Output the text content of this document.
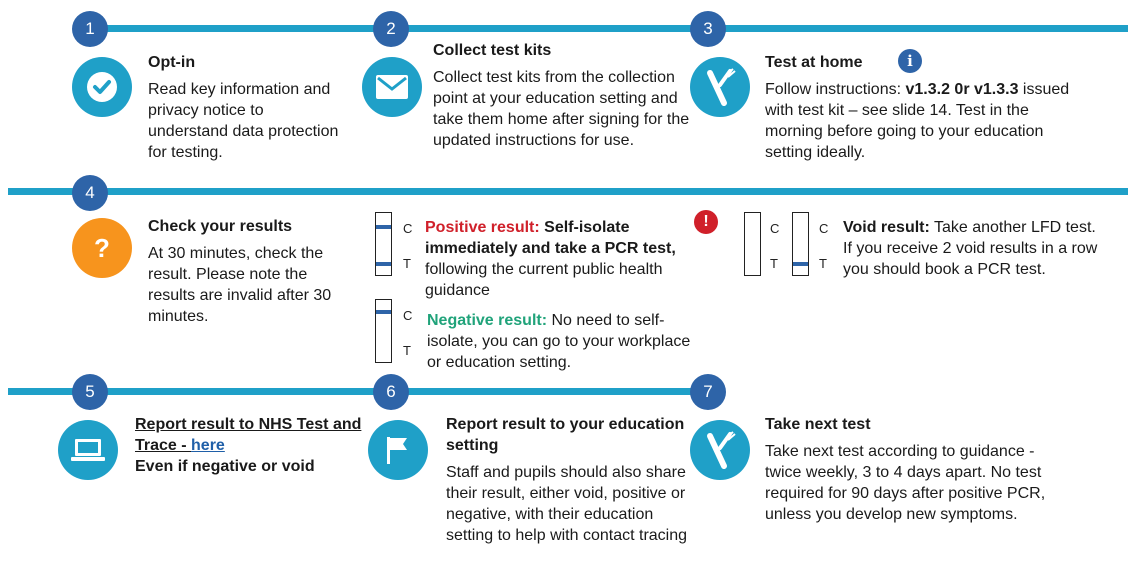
1	2	3
4
5	6	7
?
Opt-in
Read key information and privacy notice to understand data protection for testing.
Collect test kits
Collect test kits from the collection point at your education setting and take them home after signing for the updated instructions for use.
Test at home
Follow instructions: v1.3.2 0r v1.3.3 issued with test kit – see slide 14. Test in the morning before going to your education setting ideally.
i
Check your results
At 30 minutes, check the result. Please note the results are invalid after 30 minutes.
C
T
Positive result: Self-isolate immediately and take a PCR test, following the current public health guidance
!
C
T
Negative result: No need to self-isolate, you can go to your workplace or education setting.
C
T
C
T
Void result: Take another LFD test. If you receive 2 void results in a row you should book a PCR test.
Report result to NHS Test and Trace - here
Even if negative or void
Report result to your education setting
Staff and pupils should also share their result, either void, positive or negative, with their education setting to help with contact tracing
Take next test
Take next test according to guidance - twice weekly, 3 to 4 days apart. No test required for 90 days after positive PCR, unless you develop new symptoms.
